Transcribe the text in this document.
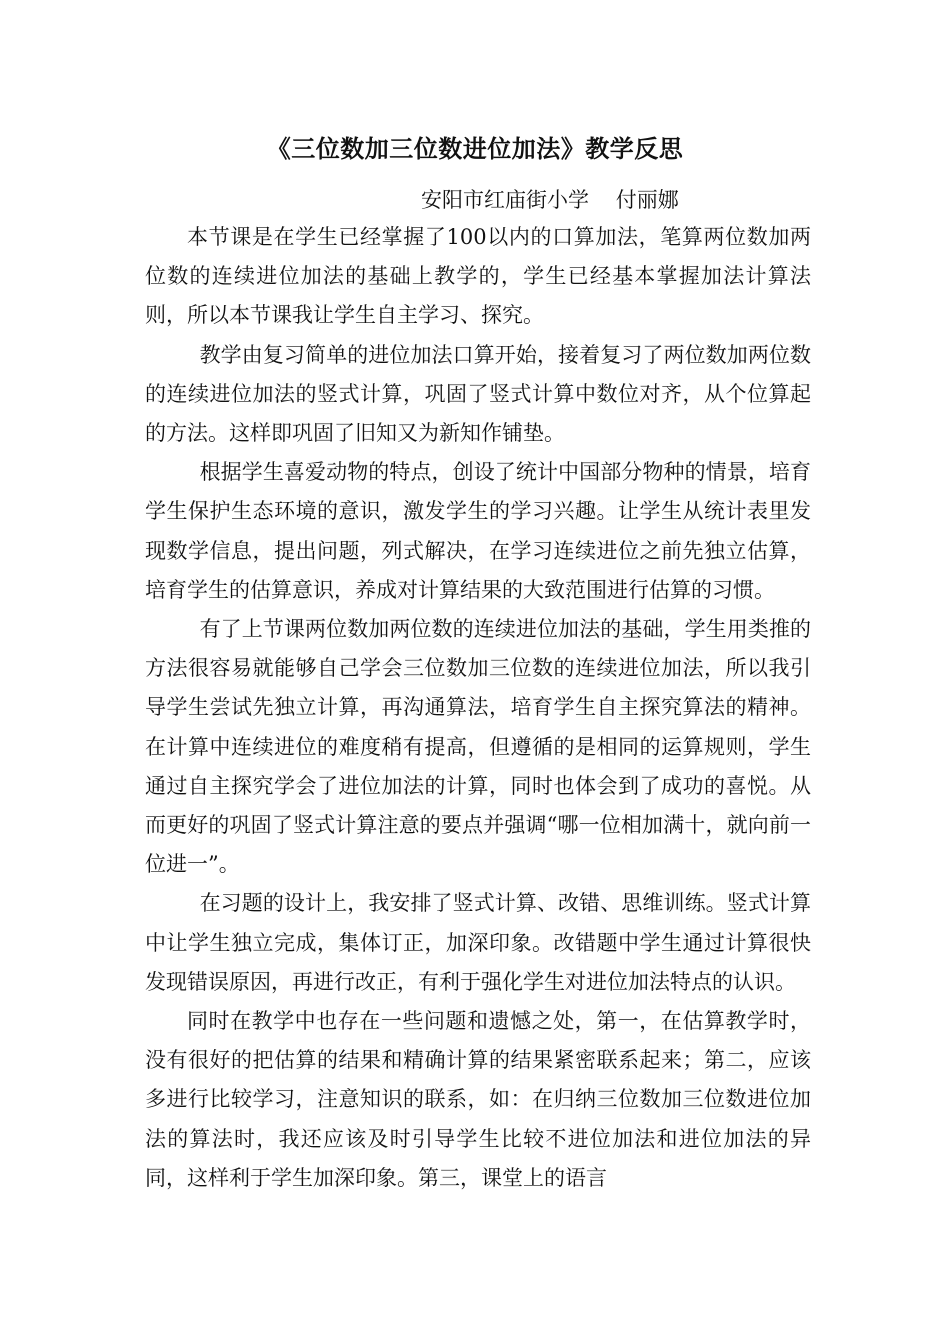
《三位数加三位数进位加法》教学反思
安阳市红庙街小学    付丽娜

本节课是在学生已经掌握了100以内的口算加法，笔算两位数加两位数的连续进位加法的基础上教学的，学生已经基本掌握加法计算法则，所以本节课我让学生自主学习、探究。

教学由复习简单的进位加法口算开始，接着复习了两位数加两位数的连续进位加法的竖式计算，巩固了竖式计算中数位对齐，从个位算起的方法。这样即巩固了旧知又为新知作铺垫。

根据学生喜爱动物的特点，创设了统计中国部分物种的情景，培育学生保护生态环境的意识，激发学生的学习兴趣。让学生从统计表里发现数学信息，提出问题，列式解决，在学习连续进位之前先独立估算，培育学生的估算意识，养成对计算结果的大致范围进行估算的习惯。

有了上节课两位数加两位数的连续进位加法的基础，学生用类推的方法很容易就能够自己学会三位数加三位数的连续进位加法，所以我引导学生尝试先独立计算，再沟通算法，培育学生自主探究算法的精神。在计算中连续进位的难度稍有提高，但遵循的是相同的运算规则，学生通过自主探究学会了进位加法的计算，同时也体会到了成功的喜悦。从而更好的巩固了竖式计算注意的要点并强调“哪一位相加满十，就向前一位进一”。

在习题的设计上，我安排了竖式计算、改错、思维训练。竖式计算中让学生独立完成，集体订正，加深印象。改错题中学生通过计算很快发现错误原因，再进行改正，有利于强化学生对进位加法特点的认识。

同时在教学中也存在一些问题和遗憾之处，第一，在估算教学时，没有很好的把估算的结果和精确计算的结果紧密联系起来；第二，应该多进行比较学习，注意知识的联系，如：在归纳三位数加三位数进位加法的算法时，我还应该及时引导学生比较不进位加法和进位加法的异同，这样利于学生加深印象。第三，课堂上的语言
